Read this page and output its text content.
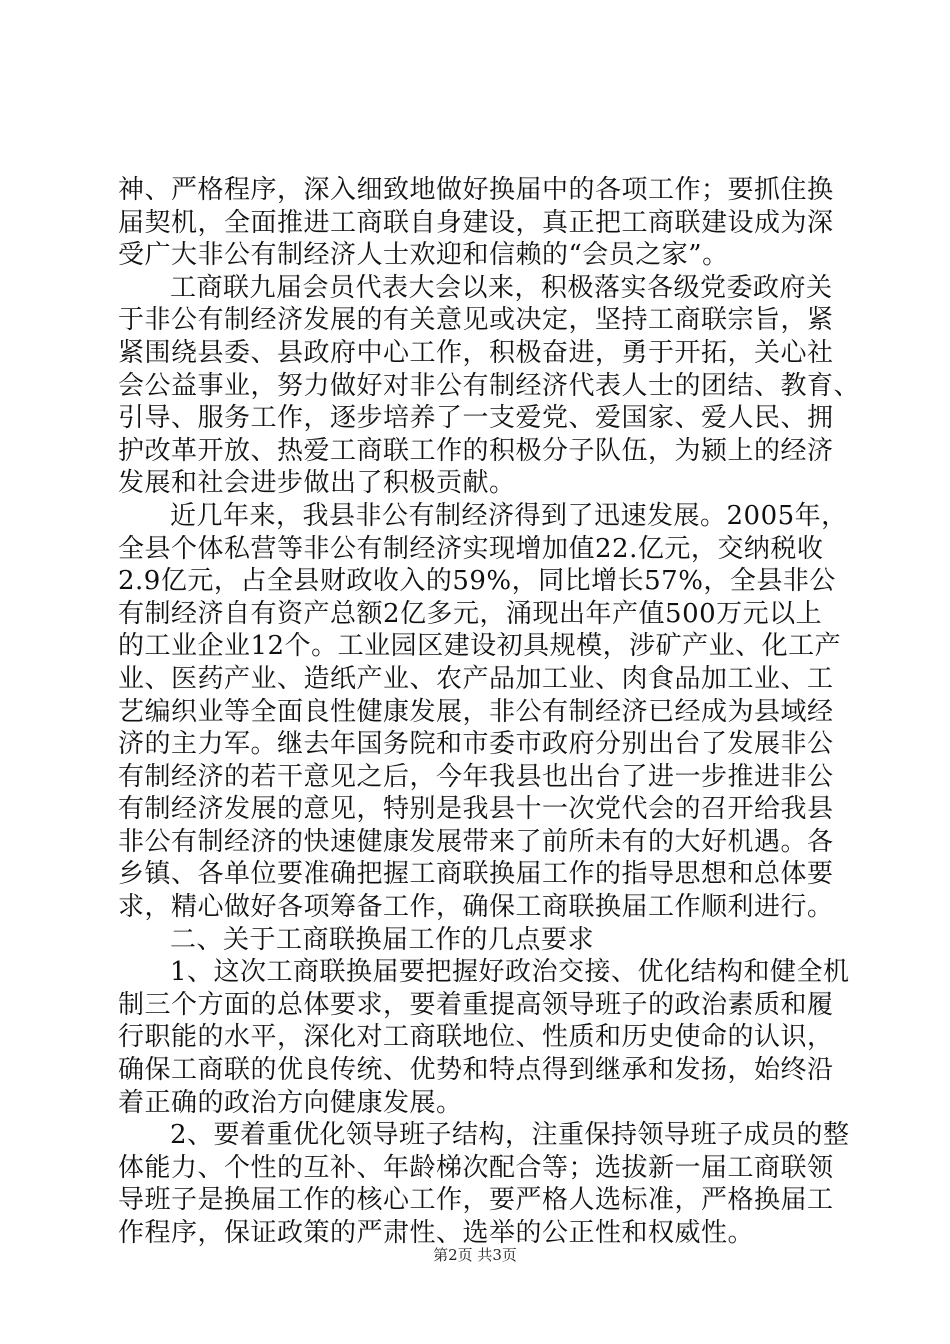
神、严格程序，深入细致地做好换届中的各项工作；要抓住换
届契机，全面推进工商联自身建设，真正把工商联建设成为深
受广大非公有制经济人士欢迎和信赖的“会员之家”。
工商联九届会员代表大会以来，积极落实各级党委政府关
于非公有制经济发展的有关意见或决定，坚持工商联宗旨，紧
紧围绕县委、县政府中心工作，积极奋进，勇于开拓，关心社
会公益事业，努力做好对非公有制经济代表人士的团结、教育、
引导、服务工作，逐步培养了一支爱党、爱国家、爱人民、拥
护改革开放、热爱工商联工作的积极分子队伍，为颍上的经济
发展和社会进步做出了积极贡献。
近几年来，我县非公有制经济得到了迅速发展。2005年，
全县个体私营等非公有制经济实现增加值22.亿元，交纳税收
2.9亿元，占全县财政收入的59%，同比增长57%，全县非公
有制经济自有资产总额2亿多元，涌现出年产值500万元以上
的工业企业12个。工业园区建设初具规模，涉矿产业、化工产
业、医药产业、造纸产业、农产品加工业、肉食品加工业、工
艺编织业等全面良性健康发展，非公有制经济已经成为县域经
济的主力军。继去年国务院和市委市政府分别出台了发展非公
有制经济的若干意见之后，今年我县也出台了进一步推进非公
有制经济发展的意见，特别是我县十一次党代会的召开给我县
非公有制经济的快速健康发展带来了前所未有的大好机遇。各
乡镇、各单位要准确把握工商联换届工作的指导思想和总体要
求，精心做好各项筹备工作，确保工商联换届工作顺利进行。
二、关于工商联换届工作的几点要求
1、这次工商联换届要把握好政治交接、优化结构和健全机
制三个方面的总体要求，要着重提高领导班子的政治素质和履
行职能的水平，深化对工商联地位、性质和历史使命的认识，
确保工商联的优良传统、优势和特点得到继承和发扬，始终沿
着正确的政治方向健康发展。
2、要着重优化领导班子结构，注重保持领导班子成员的整
体能力、个性的互补、年龄梯次配合等；选拔新一届工商联领
导班子是换届工作的核心工作，要严格人选标准，严格换届工
作程序，保证政策的严肃性、选举的公正性和权威性。
第2页 共3页
